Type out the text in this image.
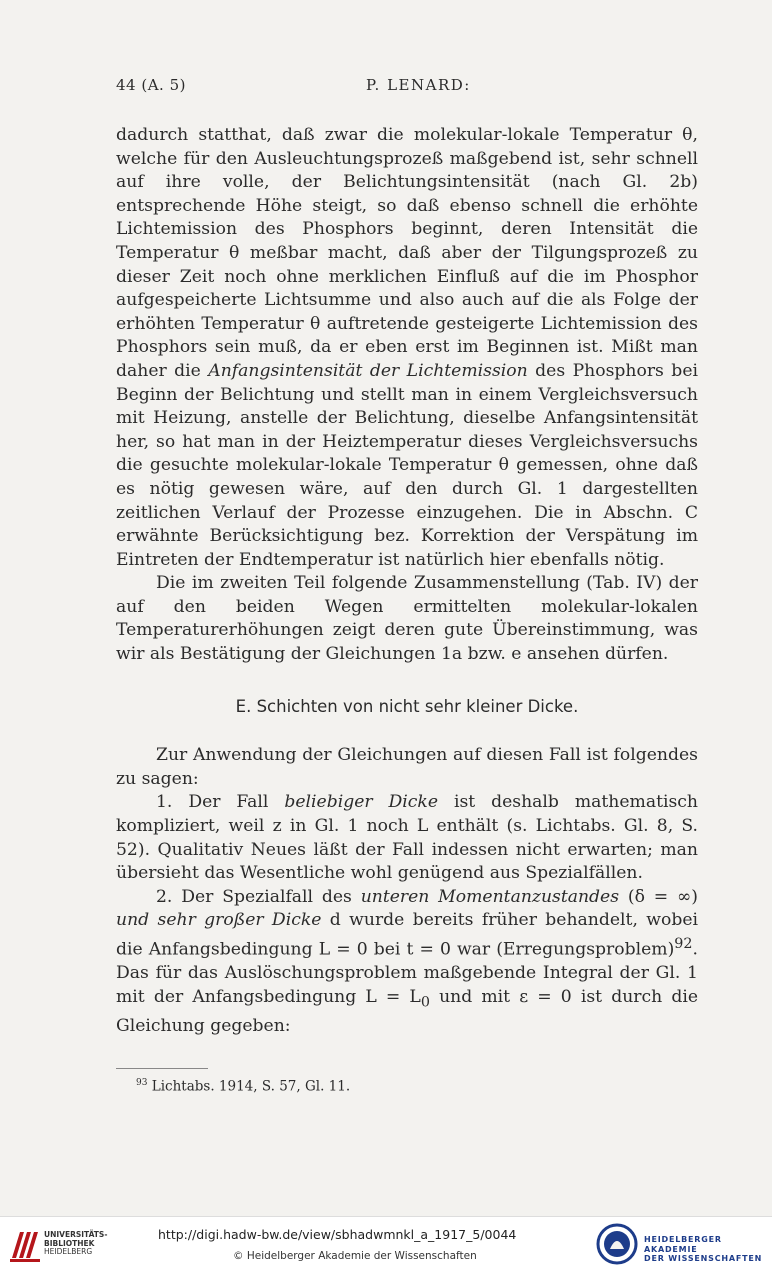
44 (A. 5)	P. LENARD:

dadurch statthat, daß zwar die molekular-lokale Temperatur θ, welche für den Ausleuchtungsprozeß maßgebend ist, sehr schnell auf ihre volle, der Belichtungsintensität (nach Gl. 2b) entsprechende Höhe steigt, so daß ebenso schnell die erhöhte Lichtemission des Phosphors beginnt, deren Intensität die Temperatur θ meßbar macht, daß aber der Tilgungsprozeß zu dieser Zeit noch ohne merklichen Einfluß auf die im Phosphor aufgespeicherte Lichtsumme und also auch auf die als Folge der erhöhten Temperatur θ auftretende gesteigerte Lichtemission des Phosphors sein muß, da er eben erst im Beginnen ist. Mißt man daher die Anfangsintensität der Lichtemission des Phosphors bei Beginn der Belichtung und stellt man in einem Vergleichsversuch mit Heizung, anstelle der Belichtung, dieselbe Anfangsintensität her, so hat man in der Heiztemperatur dieses Vergleichsversuchs die gesuchte molekular-lokale Temperatur θ gemessen, ohne daß es nötig gewesen wäre, auf den durch Gl. 1 dargestellten zeitlichen Verlauf der Prozesse einzugehen. Die in Abschn. C erwähnte Berücksichtigung bez. Korrektion der Verspätung im Eintreten der Endtemperatur ist natürlich hier ebenfalls nötig.

Die im zweiten Teil folgende Zusammenstellung (Tab. IV) der auf den beiden Wegen ermittelten molekular-lokalen Temperaturerhöhungen zeigt deren gute Übereinstimmung, was wir als Bestätigung der Gleichungen 1a bzw. e ansehen dürfen.

E. Schichten von nicht sehr kleiner Dicke.

Zur Anwendung der Gleichungen auf diesen Fall ist folgendes zu sagen:

1. Der Fall beliebiger Dicke ist deshalb mathematisch kompliziert, weil z in Gl. 1 noch L enthält (s. Lichtabs. Gl. 8, S. 52). Qualitativ Neues läßt der Fall indessen nicht erwarten; man übersieht das Wesentliche wohl genügend aus Spezialfällen.

2. Der Spezialfall des unteren Momentanzustandes (δ = ∞) und sehr großer Dicke d wurde bereits früher behandelt, wobei die Anfangsbedingung L = 0 bei t = 0 war (Erregungsproblem)$^{92}$. Das für das Auslöschungsproblem maßgebende Integral der Gl. 1 mit der Anfangsbedingung $L = L_0$ und mit ε = 0 ist durch die Gleichung gegeben:

$^{93}$ Lichtabs. 1914, S. 57, Gl. 11.
UNIVERSITÄTS-
BIBLIOTHEK
HEIDELBERG
http://digi.hadw-bw.de/view/sbhadwmnkl_a_1917_5/0044
© Heidelberger Akademie der Wissenschaften
HEIDELBERGER AKADEMIE
DER WISSENSCHAFTEN
